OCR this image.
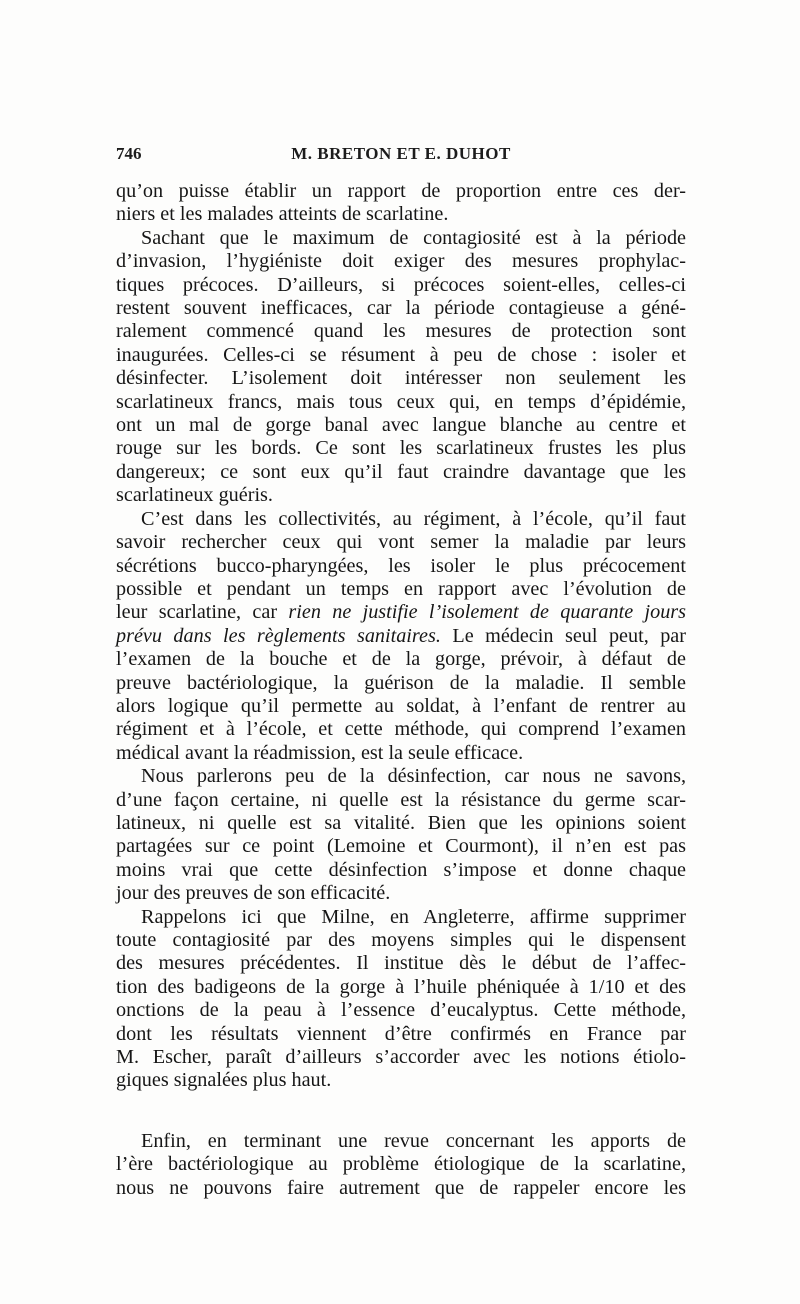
746	M. BRETON ET E. DUHOT

qu’on puisse établir un rapport de proportion entre ces der-
niers et les malades atteints de scarlatine.

Sachant que le maximum de contagiosité est à la période
d’invasion, l’hygiéniste doit exiger des mesures prophylac-
tiques précoces. D’ailleurs, si précoces soient-elles, celles-ci
restent souvent inefficaces, car la période contagieuse a géné-
ralement commencé quand les mesures de protection sont
inaugurées. Celles-ci se résument à peu de chose : isoler et
désinfecter. L’isolement doit intéresser non seulement les
scarlatineux francs, mais tous ceux qui, en temps d’épidémie,
ont un mal de gorge banal avec langue blanche au centre et
rouge sur les bords. Ce sont les scarlatineux frustes les plus
dangereux; ce sont eux qu’il faut craindre davantage que les
scarlatineux guéris.

C’est dans les collectivités, au régiment, à l’école, qu’il faut
savoir rechercher ceux qui vont semer la maladie par leurs
sécrétions bucco-pharyngées, les isoler le plus précocement
possible et pendant un temps en rapport avec l’évolution de
leur scarlatine, car rien ne justifie l’isolement de quarante jours
prévu dans les règlements sanitaires. Le médecin seul peut, par
l’examen de la bouche et de la gorge, prévoir, à défaut de
preuve bactériologique, la guérison de la maladie. Il semble
alors logique qu’il permette au soldat, à l’enfant de rentrer au
régiment et à l’école, et cette méthode, qui comprend l’examen
médical avant la réadmission, est la seule efficace.

Nous parlerons peu de la désinfection, car nous ne savons,
d’une façon certaine, ni quelle est la résistance du germe scar-
latineux, ni quelle est sa vitalité. Bien que les opinions soient
partagées sur ce point (Lemoine et Courmont), il n’en est pas
moins vrai que cette désinfection s’impose et donne chaque
jour des preuves de son efficacité.

Rappelons ici que Milne, en Angleterre, affirme supprimer
toute contagiosité par des moyens simples qui le dispensent
des mesures précédentes. Il institue dès le début de l’affec-
tion des badigeons de la gorge à l’huile phéniquée à 1/10 et des
onctions de la peau à l’essence d’eucalyptus. Cette méthode,
dont les résultats viennent d’être confirmés en France par
M. Escher, paraît d’ailleurs s’accorder avec les notions étiolo-
giques signalées plus haut.

Enfin, en terminant une revue concernant les apports de
l’ère bactériologique au problème étiologique de la scarlatine,
nous ne pouvons faire autrement que de rappeler encore les
